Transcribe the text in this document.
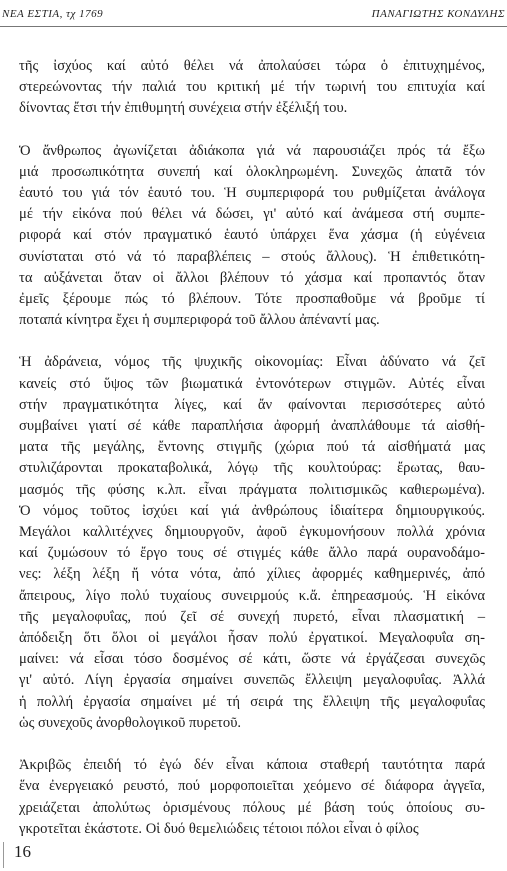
ΝΕΑ ΕΣΤΙΑ, τχ 1769	ΠΑΝΑΓΙΩΤΗΣ ΚΟΝΔΥΛΗΣ
τῆς ἰσχύος καί αὐτό θέλει νά ἀπολαύσει τώρα ὁ ἐπιτυχημένος,
στερεώνοντας τήν παλιά του κριτική μέ τήν τωρινή του επιτυχία καί
δίνοντας ἔτσι τήν ἐπιθυμητή συνέχεια στήν ἐξέλιξή του.
Ὁ ἄνθρωπος ἀγωνίζεται ἀδιάκοπα γιά νά παρουσιάζει πρός τά ἔξω
μιά προσωπικότητα συνεπή καί ὁλοκληρωμένη. Συνεχῶς ἀπατᾶ τόν
ἑαυτό του γιά τόν ἑαυτό του. Ἡ συμπεριφορά του ρυθμίζεται ἀνάλογα
μέ τήν εἰκόνα πού θέλει νά δώσει, γι' αὐτό καί ἀνάμεσα στή συμπε-
ριφορά καί στόν πραγματικό ἑαυτό ὑπάρχει ἕνα χάσμα (ἡ εὐγένεια
συνίσταται στό νά τό παραβλέπεις – στούς ἄλλους). Ἡ ἐπιθετικότη-
τα αὐξάνεται ὅταν οἱ ἄλλοι βλέπουν τό χάσμα καί προπαντός ὅταν
ἐμεῖς ξέρουμε πώς τό βλέπουν. Τότε προσπαθοῦμε νά βροῦμε τί
ποταπά κίνητρα ἔχει ἡ συμπεριφορά τοῦ ἄλλου ἀπέναντί μας.
Ἡ ἀδράνεια, νόμος τῆς ψυχικῆς οἰκονομίας: Εἶναι ἀδύνατο νά ζεῖ
κανείς στό ὕψος τῶν βιωματικά ἐντονότερων στιγμῶν. Αὐτές εἶναι
στήν πραγματικότητα λίγες, καί ἄν φαίνονται περισσότερες αὐτό
συμβαίνει γιατί σέ κάθε παραπλήσια ἀφορμή ἀναπλάθουμε τά αἰσθή-
ματα τῆς μεγάλης, ἔντονης στιγμῆς (χώρια πού τά αἰσθήματά μας
στυλιζάρονται προκαταβολικά, λόγῳ τῆς κουλτούρας: ἔρωτας, θαυ-
μασμός τῆς φύσης κ.λπ. εἶναι πράγματα πολιτισμικῶς καθιερωμένα).
Ὁ νόμος τοῦτος ἰσχύει καί γιά ἀνθρώπους ἰδιαίτερα δημιουργικούς.
Μεγάλοι καλλιτέχνες δημιουργοῦν, ἀφοῦ ἐγκυμονήσουν πολλά χρόνια
καί ζυμώσουν τό ἔργο τους σέ στιγμές κάθε ἄλλο παρά ουρανοδάμο-
νες: λέξη λέξη ἤ νότα νότα, ἀπό χίλιες ἀφορμές καθημερινές, ἀπό
ἄπειρους, λίγο πολύ τυχαίους συνειρμούς κ.ἄ. ἐπηρεασμούς. Ἡ εἰκόνα
τῆς μεγαλοφυΐας, πού ζεῖ σέ συνεχή πυρετό, εἶναι πλασματική –
ἀπόδειξη ὅτι ὅλοι οἱ μεγάλοι ἦσαν πολύ ἐργατικοί. Μεγαλοφυΐα ση-
μαίνει: νά εἶσαι τόσο δοσμένος σέ κάτι, ὥστε νά ἐργάζεσαι συνεχῶς
γι' αὐτό. Λίγη ἐργασία σημαίνει συνεπῶς ἔλλειψη μεγαλοφυΐας. Ἀλλά
ἡ πολλή ἐργασία σημαίνει μέ τή σειρά της ἔλλειψη τῆς μεγαλοφυΐας
ὡς συνεχοῦς ἀνορθολογικοῦ πυρετοῦ.
Ἀκριβῶς ἐπειδή τό ἐγώ δέν εἶναι κάποια σταθερή ταυτότητα παρά
ἕνα ἐνεργειακό ρευστό, πού μορφοποιεῖται χεόμενο σέ διάφορα ἀγγεῖα,
χρειάζεται ἀπολύτως ὁρισμένους πόλους μέ βάση τούς ὁποίους συ-
γκροτεῖται ἑκάστοτε. Οἱ δυό θεμελιώδεις τέτοιοι πόλοι εἶναι ὁ φίλος
16
